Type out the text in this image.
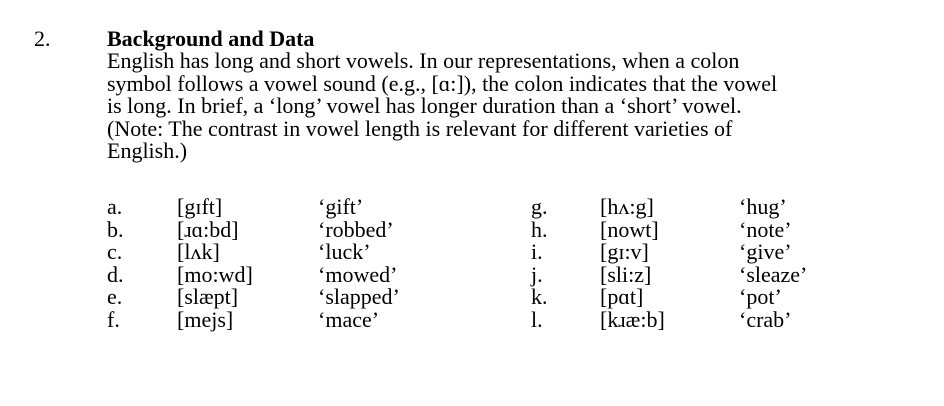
2.	Background and Data
English has long and short vowels. In our representations, when a colon
symbol follows a vowel sound (e.g., [ɑ:]), the colon indicates that the vowel
is long. In brief, a ‘long’ vowel has longer duration than a ‘short’ vowel.
(Note: The contrast in vowel length is relevant for different varieties of
English.)
a.
b.
c.
d.
e.
f.
[gɪft]
[ɹɑ:bd]
[lʌk]
[mo:wd]
[slæpt]
[mejs]
‘gift’
‘robbed’
‘luck’
‘mowed’
‘slapped’
‘mace’
g.
h.
i.
j.
k.
l.
[hʌ:g]
[nowt]
[gɪ:v]
[sli:z]
[pɑt]
[kɹæ:b]
‘hug’
‘note’
‘give’
‘sleaze’
‘pot’
‘crab’
